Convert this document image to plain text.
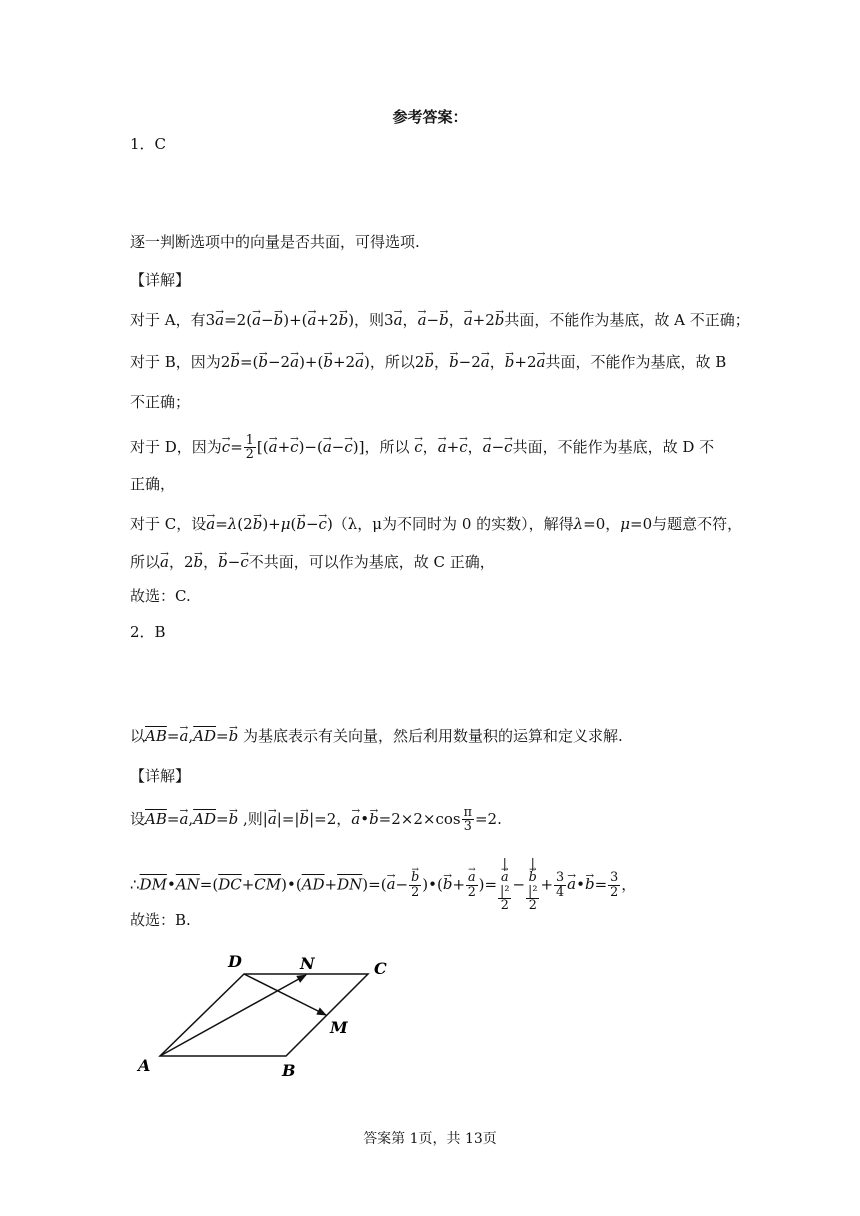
参考答案：
1．C
逐一判断选项中的向量是否共面，可得选项.
【详解】
对于 A，有3→ a=2(→ a−→ b)+(→ a+2→ b)，则3→ a，→ a−→ b，→ a+2→ b共面，不能作为基底，故 A 不正确；
对于 B，因为2→ b=(→ b−2→ a)+(→ b+2→ a)，所以2→ b，→ b−2→ a，→ b+2→ a共面，不能作为基底，故 B
不正确；
对于 D，因为→ $c= \frac{1}{2}$ [(→ a+→ c)−(→ a−→ c)]，所以 → c，→ a+→ c，→ a−→ c共面，不能作为基底，故 D 不
正确，
对于 C，设→ a=λ(2→ b)+μ(→ b−→ c)（λ，μ为不同时为 0 的实数），解得λ=0，μ=0与题意不符，
所以→ a，2→ b，→ b−→ c不共面，可以作为基底，故 C 正确，
故选：C.
2．B
以$\overline{AB}=\to a,\overline{AD}=\to b$ 为基底表示有关向量，然后利用数量积的运算和定义求解.
【详解】
设$\overline{AB}=\to a,\overline{AD}=\to b$ ,则|→ a|=|→ b|=2，→ a•→ $b=2\times 2\times\cos \frac{\pi}{3} =2$.
$\therefore\overline{DM}•\overline{AN}=(\overline{DC}+\overline{CM})•(\overline{AD}+\overline{DN})=(\to a- \to \frac{b}{2}$ )•(→ $b+ \to \frac{a}{2}$ )= |
→ a
|²
2 − |
→ b
|²
$2 + \frac{3}{4}$ → a•→ $b= \frac{3}{2}$ ，
故选：B.
D	N	C
M
A	B
答案第 1页，共 13页
